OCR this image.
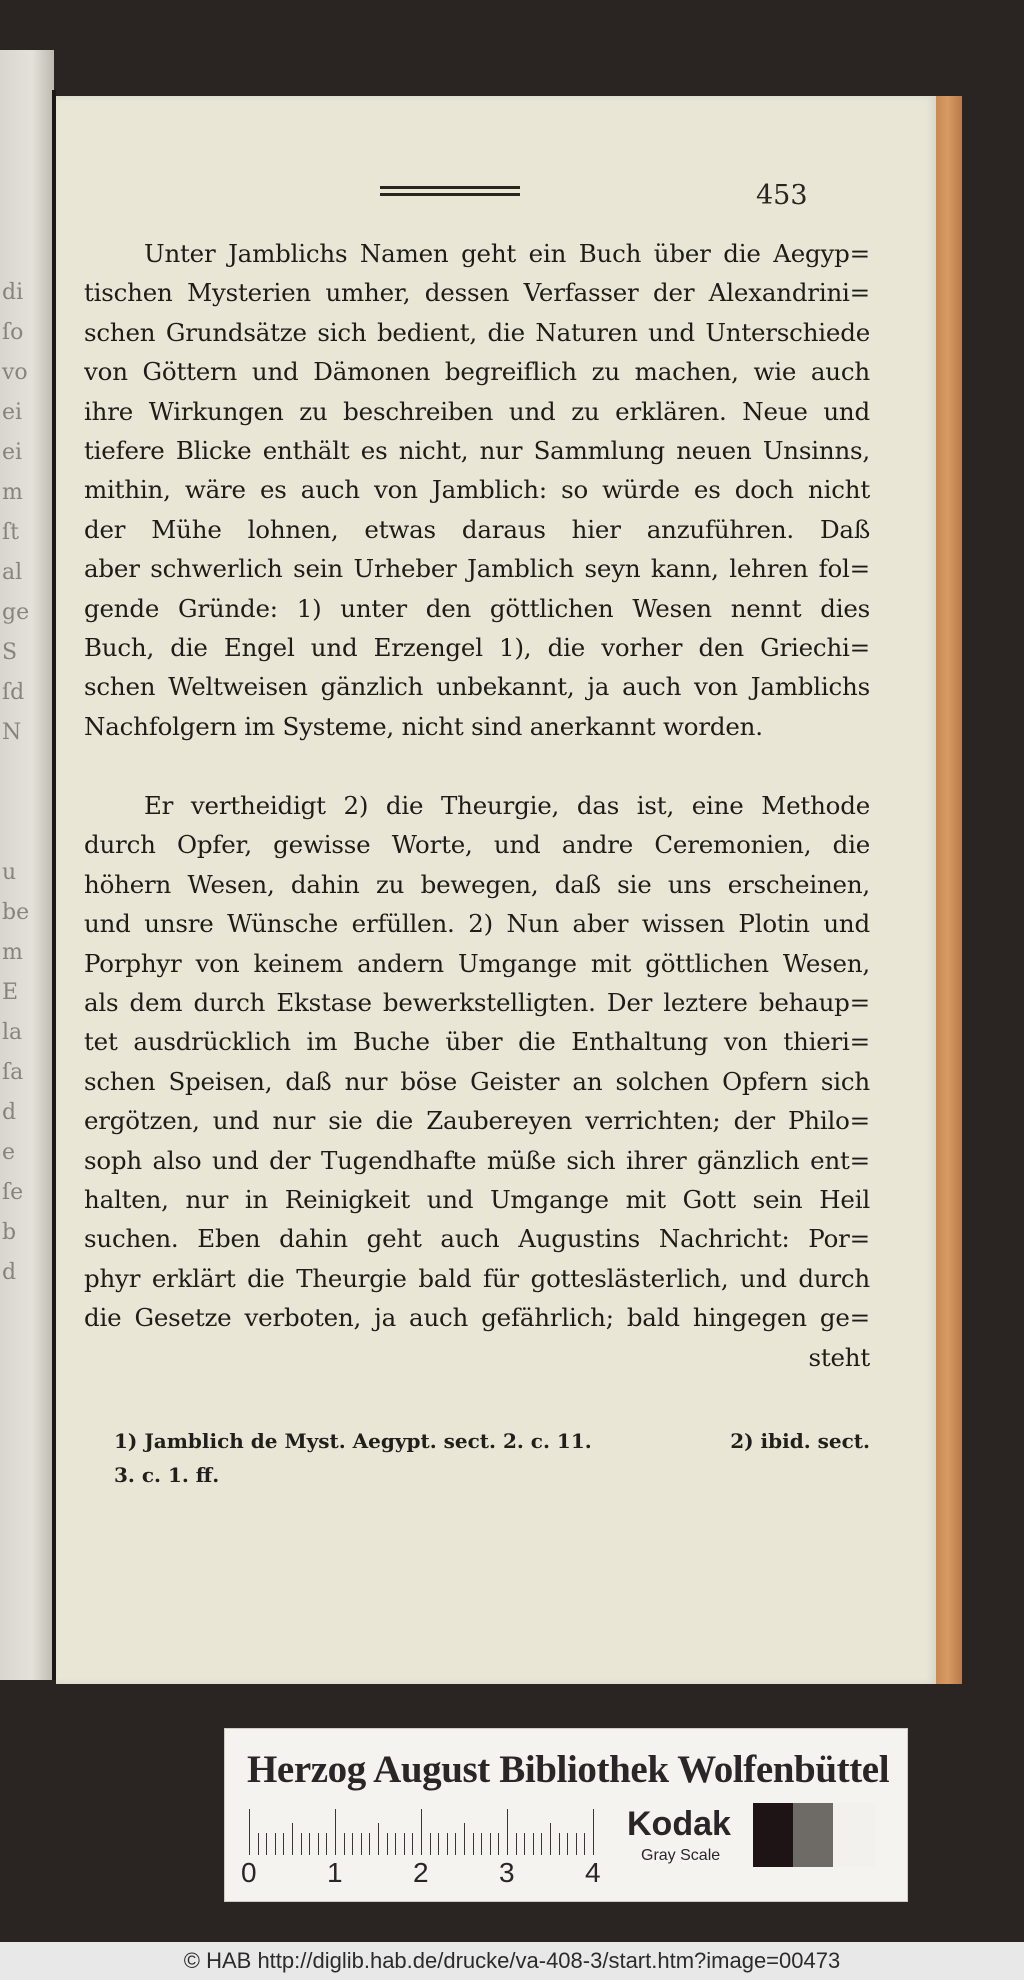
di
ſo
vo
ei
ei
m
ſt
al
ge
S
ſd
N
u
be
m
E
la
ſa
d
e
ſe
b
d
453
Unter Jamblichs Namen geht ein Buch über die Aegyp=
tischen Mysterien umher, dessen Verfasser der Alexandrini=
schen Grundsätze sich bedient, die Naturen und Unterschiede
von Göttern und Dämonen begreiflich zu machen, wie auch
ihre Wirkungen zu beschreiben und zu erklären. Neue und
tiefere Blicke enthält es nicht, nur Sammlung neuen Unsinns,
mithin, wäre es auch von Jamblich: so würde es doch nicht
der Mühe lohnen, etwas daraus hier anzuführen. Daß
aber schwerlich sein Urheber Jamblich seyn kann, lehren fol=
gende Gründe: 1) unter den göttlichen Wesen nennt dies
Buch, die Engel und Erzengel 1), die vorher den Griechi=
schen Weltweisen gänzlich unbekannt, ja auch von Jamblichs
Nachfolgern im Systeme, nicht sind anerkannt worden.
Er vertheidigt 2) die Theurgie, das ist, eine Methode
durch Opfer, gewisse Worte, und andre Ceremonien, die
höhern Wesen, dahin zu bewegen, daß sie uns erscheinen,
und unsre Wünsche erfüllen. 2) Nun aber wissen Plotin und
Porphyr von keinem andern Umgange mit göttlichen Wesen,
als dem durch Ekstase bewerkstelligten. Der leztere behaup=
tet ausdrücklich im Buche über die Enthaltung von thieri=
schen Speisen, daß nur böse Geister an solchen Opfern sich
ergötzen, und nur sie die Zaubereyen verrichten; der Philo=
soph also und der Tugendhafte müße sich ihrer gänzlich ent=
halten, nur in Reinigkeit und Umgange mit Gott sein Heil
suchen. Eben dahin geht auch Augustins Nachricht: Por=
phyr erklärt die Theurgie bald für gotteslästerlich, und durch
die Gesetze verboten, ja auch gefährlich; bald hingegen ge=
steht
1) Jamblich de Myst. Aegypt. sect. 2. c. 11.	2) ibid. sect.
3. c. 1. ff.
Herzog August Bibliothek Wolfenbüttel
0	1	2	3	4
Kodak
Gray Scale
© HAB http://diglib.hab.de/drucke/va-408-3/start.htm?image=00473
